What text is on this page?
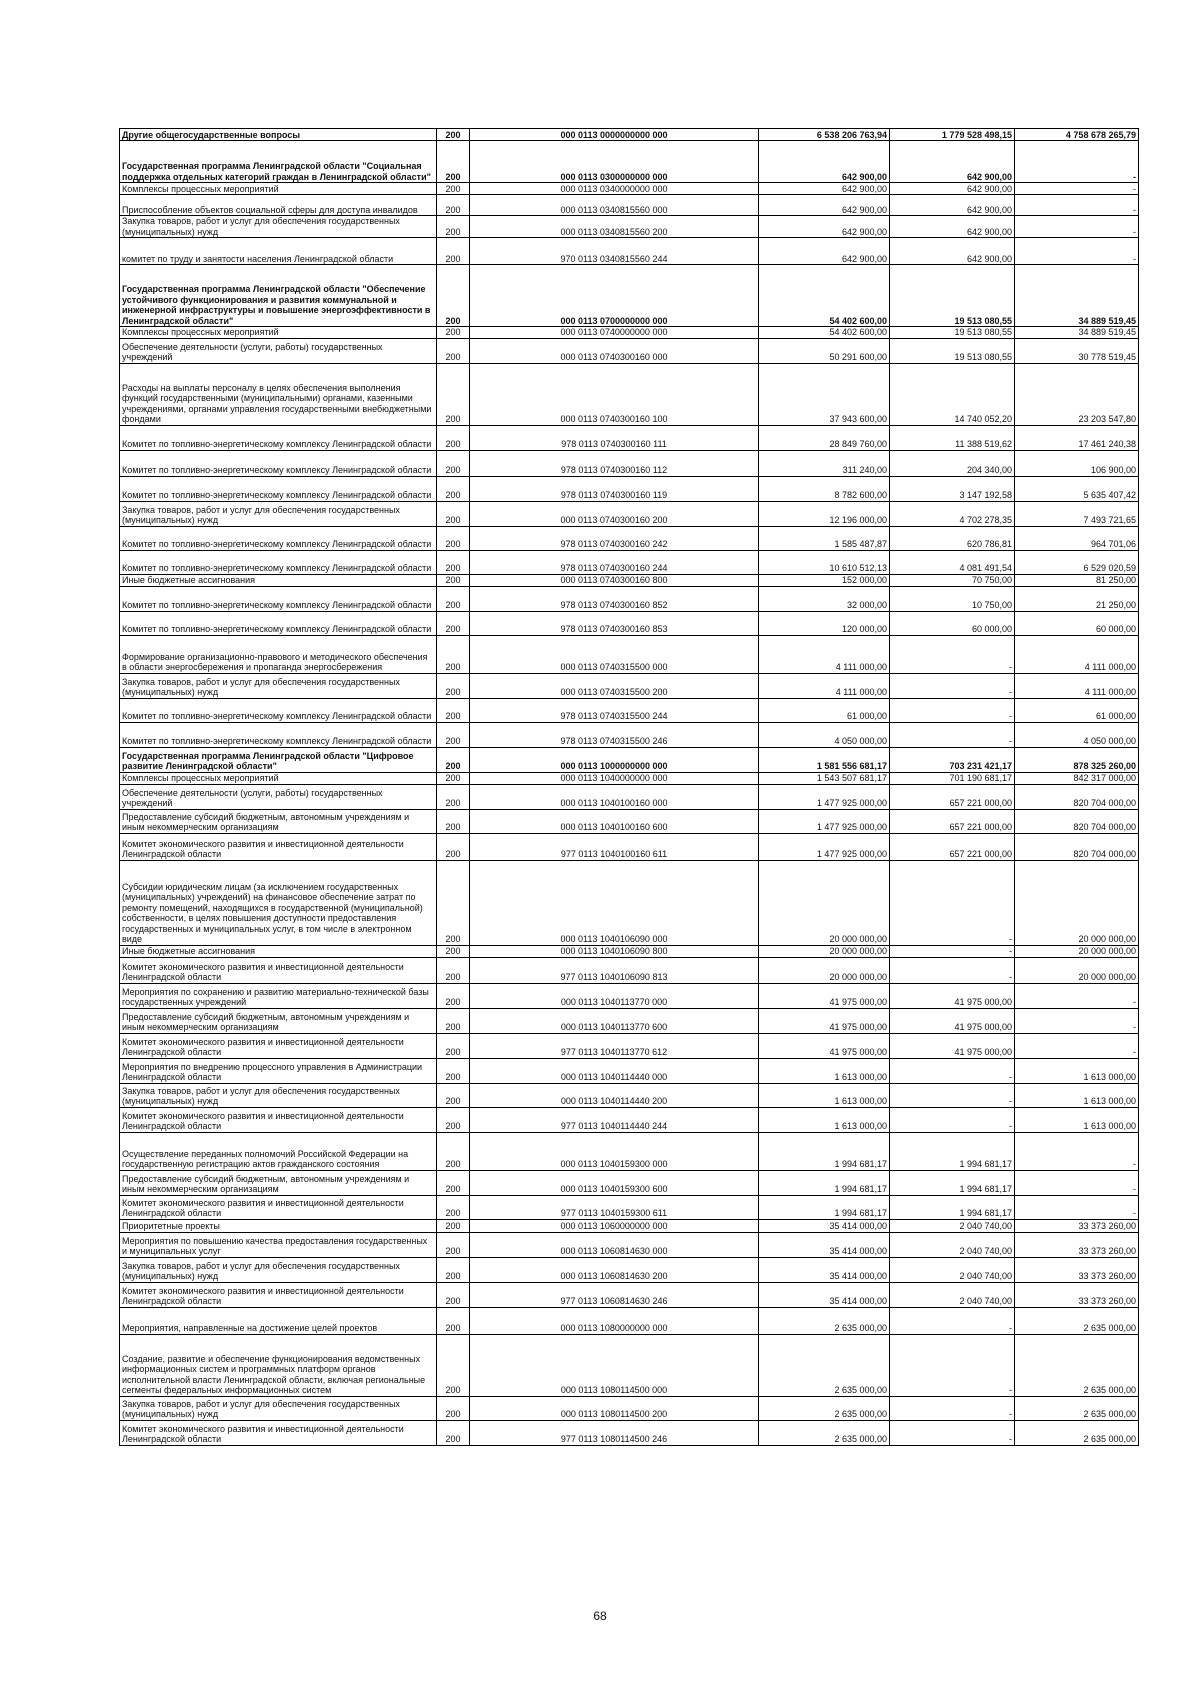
Другие общегосударственные вопросы	200	000 0113 0000000000 000	6 538 206 763,94	1 779 528 498,15	4 758 678 265,79
Государственная программа Ленинградской области "Социальная поддержка отдельных категорий граждан в Ленинградской области"	200	000 0113 0300000000 000	642 900,00	642 900,00	-
Комплексы процессных мероприятий	200	000 0113 0340000000 000	642 900,00	642 900,00	-
Приспособление объектов социальной сферы для доступа инвалидов	200	000 0113 0340815560 000	642 900,00	642 900,00	-
Закупка товаров, работ и услуг для обеспечения государственных (муниципальных) нужд	200	000 0113 0340815560 200	642 900,00	642 900,00	-
комитет по труду и занятости населения Ленинградской области	200	970 0113 0340815560 244	642 900,00	642 900,00	-
Государственная программа Ленинградской области "Обеспечение устойчивого функционирования и развития коммунальной и инженерной инфраструктуры и повышение энергоэффективности в Ленинградской области"	200	000 0113 0700000000 000	54 402 600,00	19 513 080,55	34 889 519,45
Комплексы процессных мероприятий	200	000 0113 0740000000 000	54 402 600,00	19 513 080,55	34 889 519,45
Обеспечение деятельности (услуги, работы) государственных учреждений	200	000 0113 0740300160 000	50 291 600,00	19 513 080,55	30 778 519,45
Расходы на выплаты персоналу в целях обеспечения выполнения функций государственными (муниципальными) органами, казенными учреждениями, органами управления государственными внебюджетными фондами	200	000 0113 0740300160 100	37 943 600,00	14 740 052,20	23 203 547,80
Комитет по топливно-энергетическому комплексу Ленинградской области	200	978 0113 0740300160 111	28 849 760,00	11 388 519,62	17 461 240,38
Комитет по топливно-энергетическому комплексу Ленинградской области	200	978 0113 0740300160 112	311 240,00	204 340,00	106 900,00
Комитет по топливно-энергетическому комплексу Ленинградской области	200	978 0113 0740300160 119	8 782 600,00	3 147 192,58	5 635 407,42
Закупка товаров, работ и услуг для обеспечения государственных (муниципальных) нужд	200	000 0113 0740300160 200	12 196 000,00	4 702 278,35	7 493 721,65
Комитет по топливно-энергетическому комплексу Ленинградской области	200	978 0113 0740300160 242	1 585 487,87	620 786,81	964 701,06
Комитет по топливно-энергетическому комплексу Ленинградской области	200	978 0113 0740300160 244	10 610 512,13	4 081 491,54	6 529 020,59
Иные бюджетные ассигнования	200	000 0113 0740300160 800	152 000,00	70 750,00	81 250,00
Комитет по топливно-энергетическому комплексу Ленинградской области	200	978 0113 0740300160 852	32 000,00	10 750,00	21 250,00
Комитет по топливно-энергетическому комплексу Ленинградской области	200	978 0113 0740300160 853	120 000,00	60 000,00	60 000,00
Формирование организационно-правового и методического обеспечения в области энергосбережения и пропаганда энергосбережения	200	000 0113 0740315500 000	4 111 000,00	-	4 111 000,00
Закупка товаров, работ и услуг для обеспечения государственных (муниципальных) нужд	200	000 0113 0740315500 200	4 111 000,00	-	4 111 000,00
Комитет по топливно-энергетическому комплексу Ленинградской области	200	978 0113 0740315500 244	61 000,00	-	61 000,00
Комитет по топливно-энергетическому комплексу Ленинградской области	200	978 0113 0740315500 246	4 050 000,00	-	4 050 000,00
Государственная программа Ленинградской области "Цифровое развитие Ленинградской области"	200	000 0113 1000000000 000	1 581 556 681,17	703 231 421,17	878 325 260,00
Комплексы процессных мероприятий	200	000 0113 1040000000 000	1 543 507 681,17	701 190 681,17	842 317 000,00
Обеспечение деятельности (услуги, работы) государственных учреждений	200	000 0113 1040100160 000	1 477 925 000,00	657 221 000,00	820 704 000,00
Предоставление субсидий бюджетным, автономным учреждениям и иным некоммерческим организациям	200	000 0113 1040100160 600	1 477 925 000,00	657 221 000,00	820 704 000,00
Комитет экономического развития и инвестиционной деятельности Ленинградской области	200	977 0113 1040100160 611	1 477 925 000,00	657 221 000,00	820 704 000,00
Субсидии юридическим лицам (за исключением государственных (муниципальных) учреждений) на финансовое обеспечение затрат по ремонту помещений, находящихся в государственной (муниципальной) собственности, в целях повышения доступности предоставления государственных и муниципальных услуг, в том числе в электронном виде	200	000 0113 1040106090 000	20 000 000,00	-	20 000 000,00
Иные бюджетные ассигнования	200	000 0113 1040106090 800	20 000 000,00	-	20 000 000,00
Комитет экономического развития и инвестиционной деятельности Ленинградской области	200	977 0113 1040106090 813	20 000 000,00	-	20 000 000,00
Мероприятия по сохранению и развитию материально-технической базы государственных учреждений	200	000 0113 1040113770 000	41 975 000,00	41 975 000,00	-
Предоставление субсидий бюджетным, автономным учреждениям и иным некоммерческим организациям	200	000 0113 1040113770 600	41 975 000,00	41 975 000,00	-
Комитет экономического развития и инвестиционной деятельности Ленинградской области	200	977 0113 1040113770 612	41 975 000,00	41 975 000,00	-
Мероприятия по внедрению процессного управления в Администрации Ленинградской области	200	000 0113 1040114440 000	1 613 000,00	-	1 613 000,00
Закупка товаров, работ и услуг для обеспечения государственных (муниципальных) нужд	200	000 0113 1040114440 200	1 613 000,00	-	1 613 000,00
Комитет экономического развития и инвестиционной деятельности Ленинградской области	200	977 0113 1040114440 244	1 613 000,00	-	1 613 000,00
Осуществление переданных полномочий Российской Федерации на государственную регистрацию актов гражданского состояния	200	000 0113 1040159300 000	1 994 681,17	1 994 681,17	-
Предоставление субсидий бюджетным, автономным учреждениям и иным некоммерческим организациям	200	000 0113 1040159300 600	1 994 681,17	1 994 681,17	-
Комитет экономического развития и инвестиционной деятельности Ленинградской области	200	977 0113 1040159300 611	1 994 681,17	1 994 681,17	-
Приоритетные проекты	200	000 0113 1060000000 000	35 414 000,00	2 040 740,00	33 373 260,00
Мероприятия по повышению качества предоставления государственных и муниципальных услуг	200	000 0113 1060814630 000	35 414 000,00	2 040 740,00	33 373 260,00
Закупка товаров, работ и услуг для обеспечения государственных (муниципальных) нужд	200	000 0113 1060814630 200	35 414 000,00	2 040 740,00	33 373 260,00
Комитет экономического развития и инвестиционной деятельности Ленинградской области	200	977 0113 1060814630 246	35 414 000,00	2 040 740,00	33 373 260,00
Мероприятия, направленные на достижение целей проектов	200	000 0113 1080000000 000	2 635 000,00	-	2 635 000,00
Создание, развитие и обеспечение функционирования ведомственных информационных систем и программных платформ органов исполнительной власти Ленинградской области, включая региональные сегменты федеральных информационных систем	200	000 0113 1080114500 000	2 635 000,00	-	2 635 000,00
Закупка товаров, работ и услуг для обеспечения государственных (муниципальных) нужд	200	000 0113 1080114500 200	2 635 000,00	-	2 635 000,00
Комитет экономического развития и инвестиционной деятельности Ленинградской области	200	977 0113 1080114500 246	2 635 000,00	-	2 635 000,00
68
